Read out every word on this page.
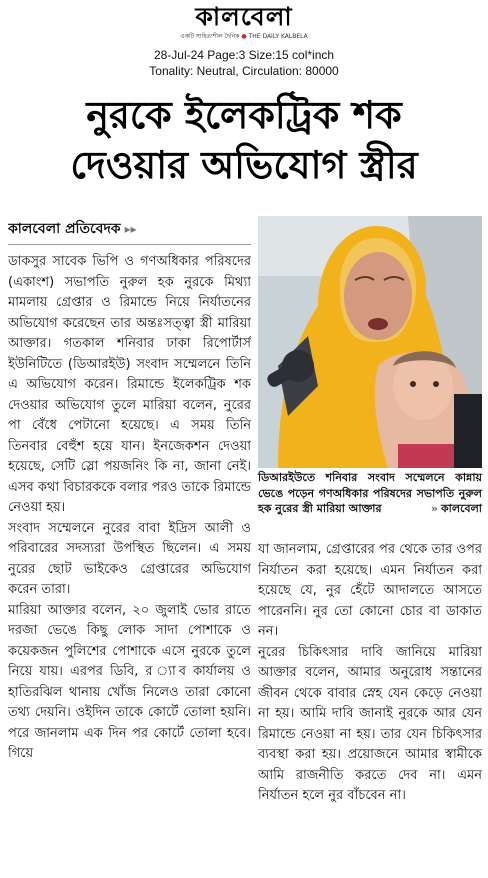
কালবেলা
একটি সাহিত্যশীল দৈনিক ● THE DAILY KALBELA
28-Jul-24 Page:3 Size:15 col*inch
Tonality: Neutral, Circulation: 80000
নুরকে ইলেকট্রিক শক
দেওয়ার অভিযোগ স্ত্রীর
কালবেলা প্রতিবেদক ▸▸

ডাকসুর সাবেক ভিপি ও গণঅধিকার পরিষদের (একাংশ) সভাপতি নুরুল হক নুরকে মিথ্যা মামলায় গ্রেপ্তার ও রিমান্ডে নিয়ে নির্যাতনের অভিযোগ করেছেন তার অন্তঃসত্ত্বা স্ত্রী মারিয়া আক্তার। গতকাল শনিবার ঢাকা রিপোর্টার্স ইউনিটিতে (ডিআরইউ) সংবাদ সম্মেলনে তিনি এ অভিযোগ করেন। রিমান্ডে ইলেকট্রিক শক দেওয়ার অভিযোগ তুলে মারিয়া বলেন, নুরের পা বেঁধে পেটানো হয়েছে। এ সময় তিনি তিনবার বেহুঁশ হয়ে যান। ইনজেকশন দেওয়া হয়েছে, সেটি স্লো পয়জনিং কি না, জানা নেই। এসব কথা বিচারককে বলার পরও তাকে রিমান্ডে নেওয়া হয়।

সংবাদ সম্মেলনে নুরের বাবা ইদ্রিস আলী ও পরিবারের সদস্যরা উপস্থিত ছিলেন। এ সময় নুরের ছোট ভাইকেও গ্রেপ্তারের অভিযোগ করেন তারা।

মারিয়া আক্তার বলেন, ২০ জুলাই ভোর রাতে দরজা ভেঙে কিছু লোক সাদা পোশাকে ও কয়েকজন পুলিশের পোশাকে এসে নুরকে তুলে নিয়ে যায়। এরপর ডিবি, র ্যাব কার্যালয় ও হাতিরঝিল থানায় খোঁজ নিলেও তারা কোনো তথ্য দেয়নি। ওইদিন তাকে কোর্টে তোলা হয়নি। পরে জানলাম এক দিন পর কোর্টে তোলা হবে। গিয়ে

ডিআরইউতে শনিবার সংবাদ সম্মেলনে কান্নায় ভেঙে পড়েন গণঅধিকার পরিষদের সভাপতি নুরুল হক নুরের স্ত্রী মারিয়া আক্তার	» কালবেলা

যা জানলাম, গ্রেপ্তারের পর থেকে তার ওপর নির্যাতন করা হয়েছে। এমন নির্যাতন করা হয়েছে যে, নুর হেঁটে আদালতে আসতে পারেননি। নুর তো কোনো চোর বা ডাকাত নন।

নুরের চিকিৎসার দাবি জানিয়ে মারিয়া আক্তার বলেন, আমার অনুরোধ সন্তানের জীবন থেকে বাবার স্নেহ যেন কেড়ে নেওয়া না হয়। আমি দাবি জানাই নুরকে আর যেন রিমান্ডে নেওয়া না হয়। তার যেন চিকিৎসার ব্যবস্থা করা হয়। প্রয়োজনে আমার স্বামীকে আমি রাজনীতি করতে দেব না। এমন নির্যাতন হলে নুর বাঁচবেন না।
